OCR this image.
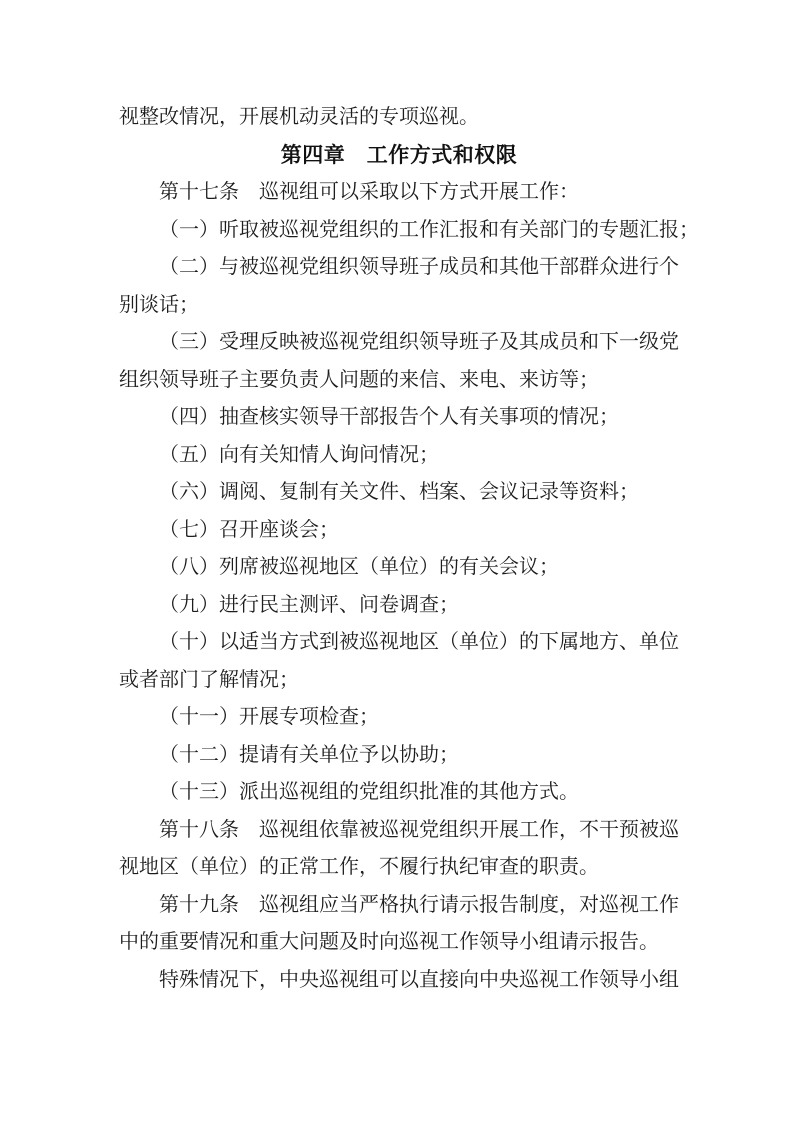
视整改情况，开展机动灵活的专项巡视。

第四章　工作方式和权限

第十七条　巡视组可以采取以下方式开展工作：

（一）听取被巡视党组织的工作汇报和有关部门的专题汇报；

（二）与被巡视党组织领导班子成员和其他干部群众进行个
别谈话；

（三）受理反映被巡视党组织领导班子及其成员和下一级党
组织领导班子主要负责人问题的来信、来电、来访等；

（四）抽查核实领导干部报告个人有关事项的情况；

（五）向有关知情人询问情况；

（六）调阅、复制有关文件、档案、会议记录等资料；

（七）召开座谈会；

（八）列席被巡视地区（单位）的有关会议；

（九）进行民主测评、问卷调查；

（十）以适当方式到被巡视地区（单位）的下属地方、单位
或者部门了解情况；

（十一）开展专项检查；

（十二）提请有关单位予以协助；

（十三）派出巡视组的党组织批准的其他方式。

第十八条　巡视组依靠被巡视党组织开展工作，不干预被巡
视地区（单位）的正常工作，不履行执纪审查的职责。

第十九条　巡视组应当严格执行请示报告制度，对巡视工作
中的重要情况和重大问题及时向巡视工作领导小组请示报告。

特殊情况下，中央巡视组可以直接向中央巡视工作领导小组
